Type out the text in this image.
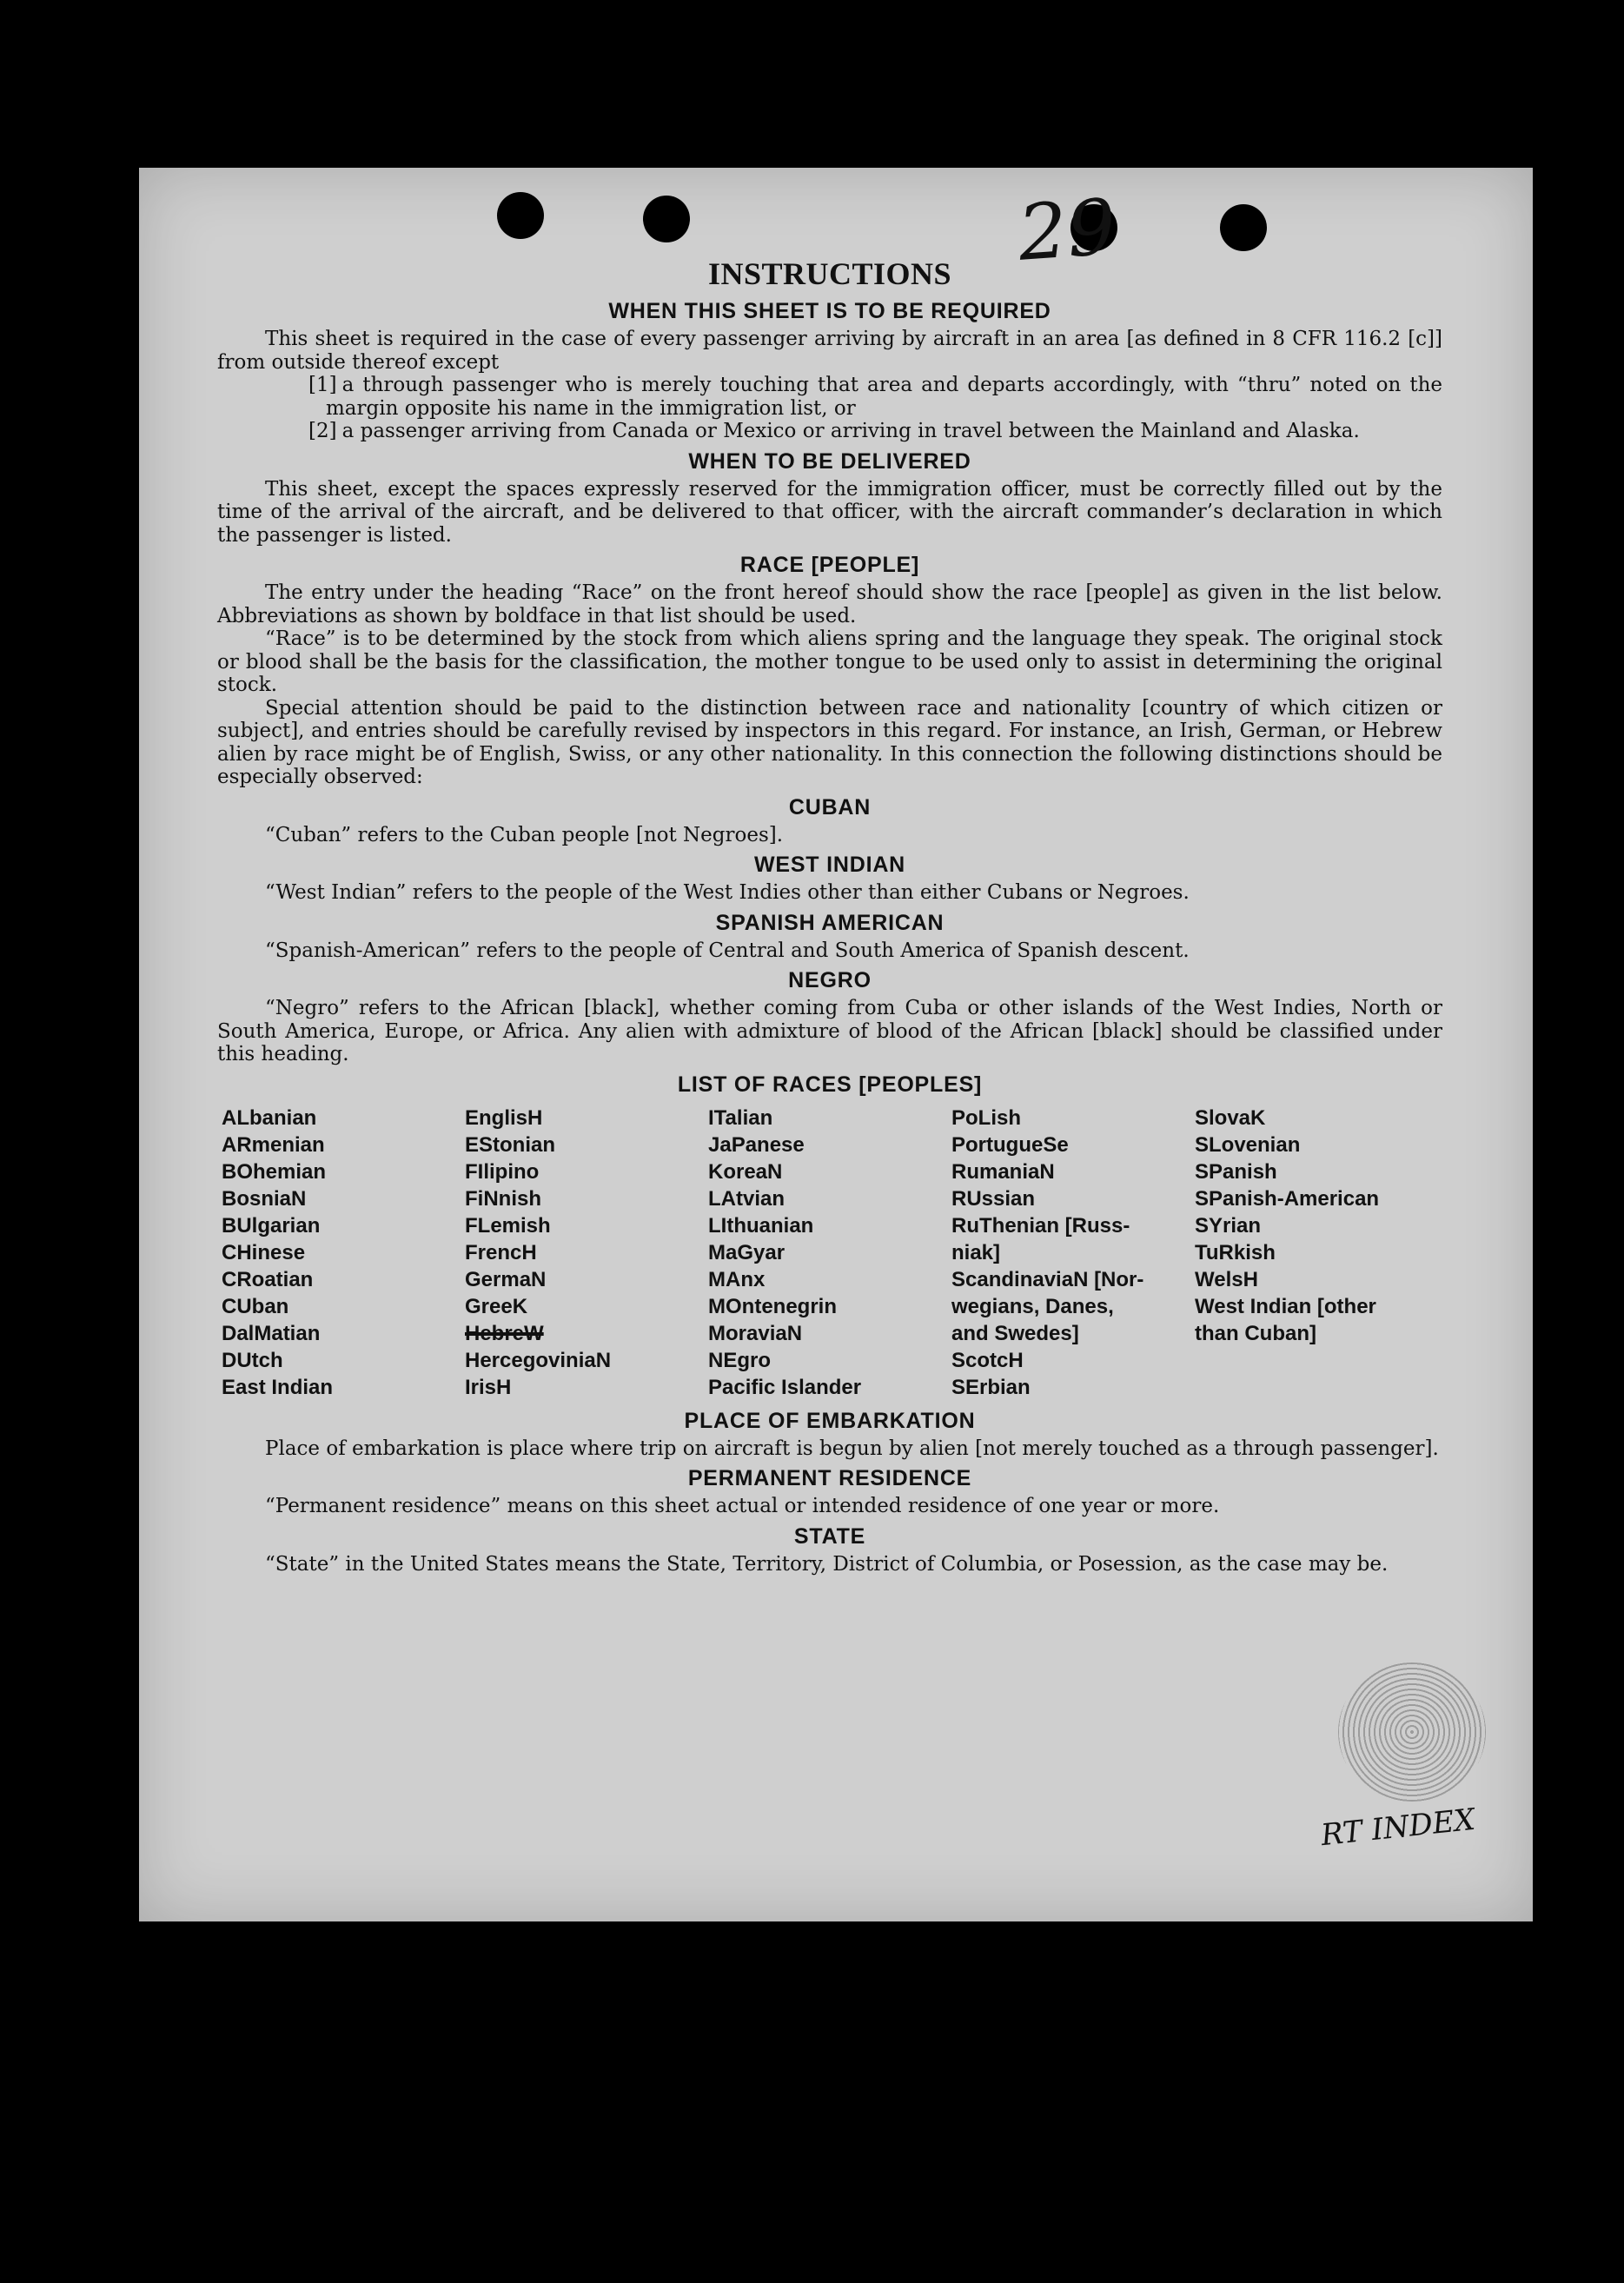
29
INSTRUCTIONS
WHEN THIS SHEET IS TO BE REQUIRED

This sheet is required in the case of every passenger arriving by aircraft in an area [as defined in 8 CFR 116.2 [c]] from outside thereof except

[1] a through passenger who is merely touching that area and departs accordingly, with “thru” noted on the margin opposite his name in the immigration list, or
[2] a passenger arriving from Canada or Mexico or arriving in travel between the Mainland and Alaska.
WHEN TO BE DELIVERED

This sheet, except the spaces expressly reserved for the immigration officer, must be correctly filled out by the time of the arrival of the aircraft, and be delivered to that officer, with the aircraft commander’s declaration in which the passenger is listed.

RACE [PEOPLE]

The entry under the heading “Race” on the front hereof should show the race [people] as given in the list below. Abbreviations as shown by boldface in that list should be used.

“Race” is to be determined by the stock from which aliens spring and the language they speak. The original stock or blood shall be the basis for the classification, the mother tongue to be used only to assist in determining the original stock.

Special attention should be paid to the distinction between race and nationality [country of which citizen or subject], and entries should be carefully revised by inspectors in this regard. For instance, an Irish, German, or Hebrew alien by race might be of English, Swiss, or any other nationality. In this connection the following distinctions should be especially observed:

CUBAN

“Cuban” refers to the Cuban people [not Negroes].

WEST INDIAN

“West Indian” refers to the people of the West Indies other than either Cubans or Negroes.

SPANISH AMERICAN

“Spanish-American” refers to the people of Central and South America of Spanish descent.

NEGRO

“Negro” refers to the African [black], whether coming from Cuba or other islands of the West Indies, North or South America, Europe, or Africa. Any alien with admixture of blood of the African [black] should be classified under this heading.

LIST OF RACES [PEOPLES]
ALbanian
ARmenian
BOhemian
BosniaN
BUlgarian
CHinese
CRoatian
CUban
DalMatian
DUtch
East Indian
EnglisH
EStonian
FIlipino
FiNnish
FLemish
FrencH
GermaN
GreeK
HebreW
HercegoviniaN
IrisH
ITalian
JaPanese
KoreaN
LAtvian
LIthuanian
MaGyar
MAnx
MOntenegrin
MoraviaN
NEgro
Pacific Islander
PoLish
PortugueSe
RumaniaN
RUssian
RuThenian [Russ-
niak]
ScandinaviaN [Nor-
wegians, Danes,
and Swedes]
ScotcH
SErbian
SlovaK
SLovenian
SPanish
SPanish-American
SYrian
TuRkish
WelsH
West Indian [other
than Cuban]
PLACE OF EMBARKATION

Place of embarkation is place where trip on aircraft is begun by alien [not merely touched as a through passenger].

PERMANENT RESIDENCE

“Permanent residence” means on this sheet actual or intended residence of one year or more.

STATE

“State” in the United States means the State, Territory, District of Columbia, or Posession, as the case may be.

RT INDEX
